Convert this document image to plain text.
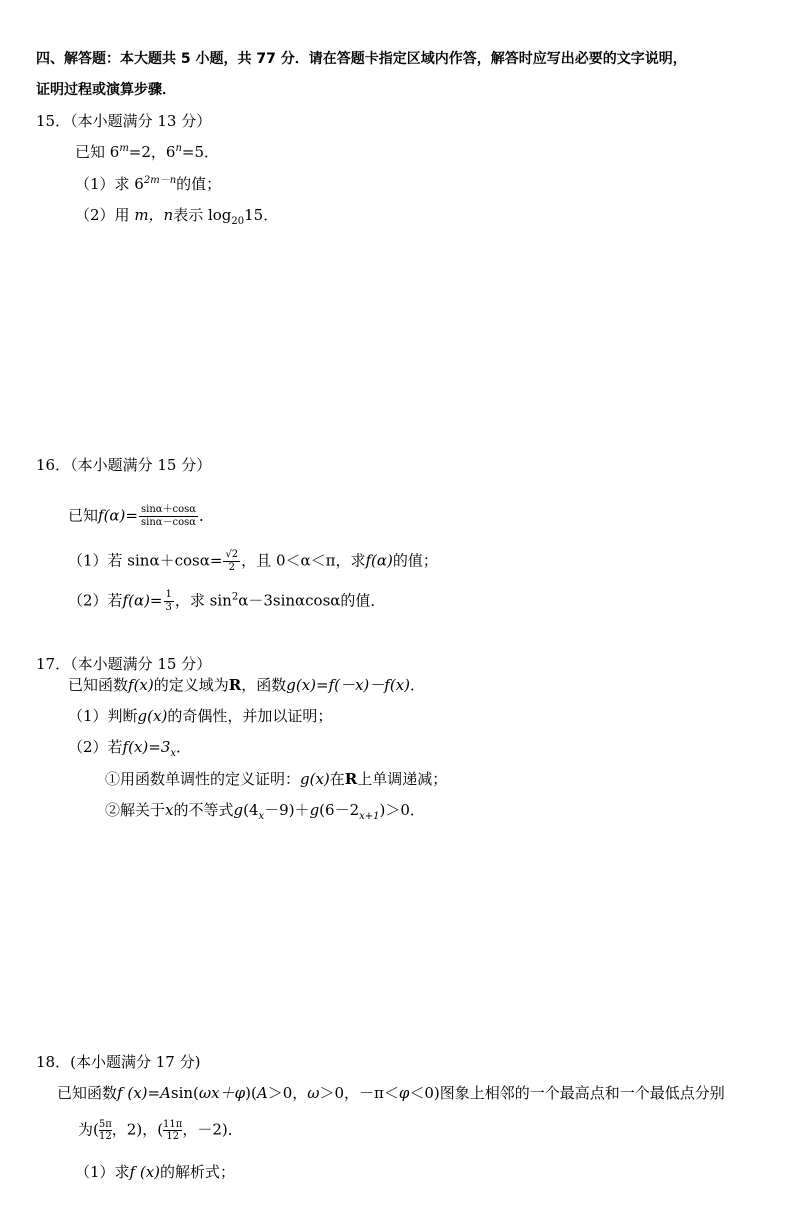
四、解答题：本大题共 5 小题，共 77 分．请在答题卡指定区域内作答，解答时应写出必要的文字说明，
证明过程或演算步骤．
15．（本小题满分 13 分）
已知 $6^m=2$，$6^n=5$．
（1）求 $6^{2m-n}$的值；
（2）用 m，n表示 $\log_{20}15$．
16．（本小题满分 15 分）
已知$f(\alpha)= \frac{\sin\alpha+\cos\alpha}{\sin\alpha-\cos\alpha}$ ．
（1）若 $\sin\alpha+\cos\alpha= \frac{√2}{2}$ ，且 0＜α＜π，求f(α)的值；
（2）若$f(\alpha)= \frac{1}{3}$ ，求 $\sin^2\alpha-3\sin\alpha\cos\alpha$的值．
17．（本小题满分 15 分）
已知函数f(x)的定义域为R，函数g(x)=f(－x)－f(x)．
（1）判断g(x)的奇偶性，并加以证明；
（2）若$f(x)=3_x$．
①用函数单调性的定义证明：g(x)在R上单调递减；
②解关于x的不等式$g(4_x-9)+g(6-2_{x+1})>0$．
18．(本小题满分 17 分)
已知函数f (x)=Asin(ωx＋φ)(A＞0，ω＞0，－π＜φ＜0)图象上相邻的一个最高点和一个最低点分别
为( $\frac{5\pi}{12}$ ，2)，( $\frac{11\pi}{12}$ ，－2)．
（1）求f (x)的解析式；
